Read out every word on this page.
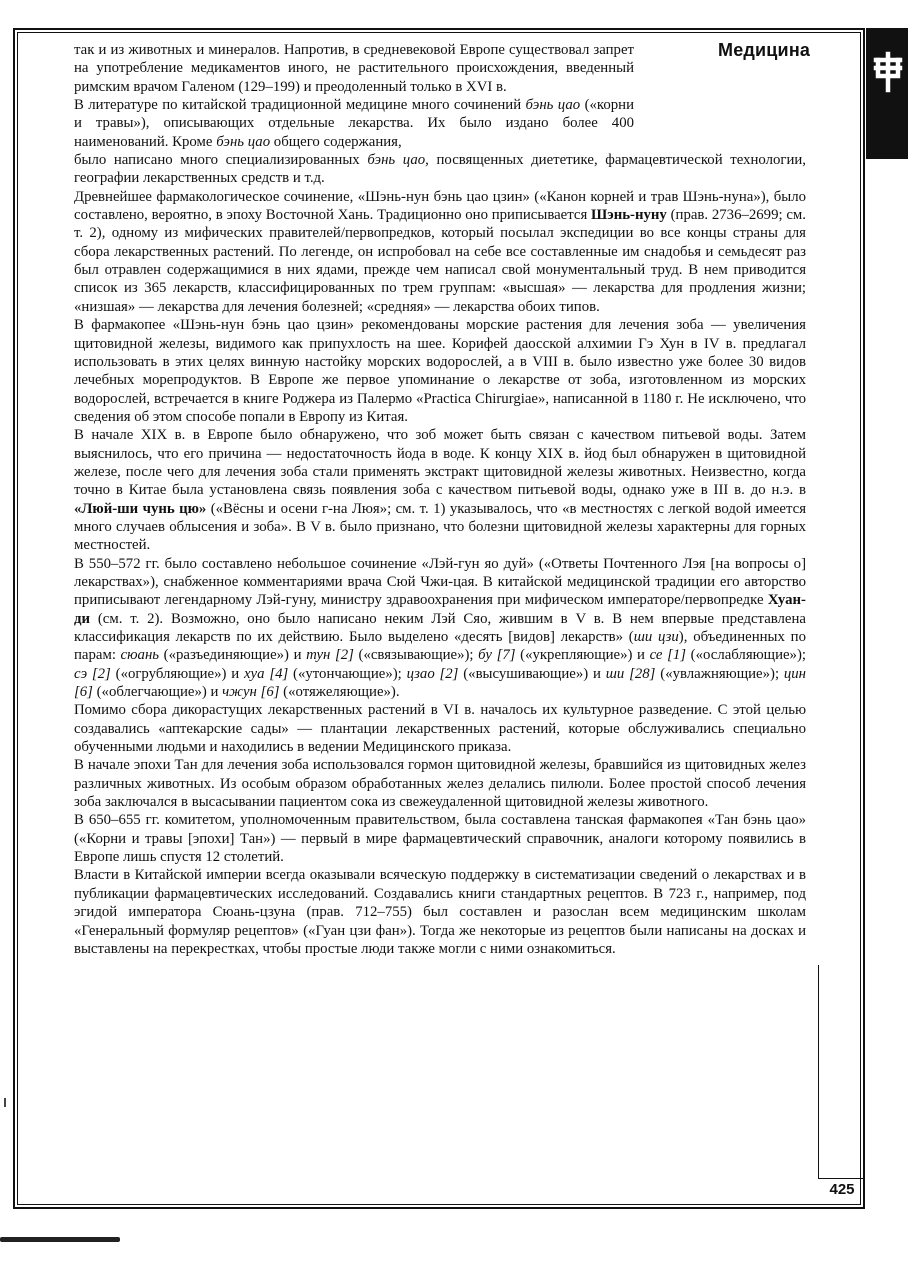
Медицина

так и из животных и минералов. Напротив, в средневековой Европе существовал запрет на употребление медикаментов иного, не растительного происхождения, введенный римским врачом Галеном (129–199) и преодоленный только в XVI в.

В литературе по китайской традиционной медицине много сочинений бэнь цао («корни и травы»), описывающих отдельные лекарства. Их было издано более 400 наименований. Кроме бэнь цао общего содержания,

было написано много специализированных бэнь цао, посвященных диететике, фармацевтической технологии, географии лекарственных средств и т.д.

Древнейшее фармакологическое сочинение, «Шэнь-нун бэнь цао цзин» («Канон корней и трав Шэнь-нуна»), было составлено, вероятно, в эпоху Восточной Хань. Традиционно оно приписывается Шэнь-нуну (прав. 2736–2699; см. т. 2), одному из мифических правителей/первопредков, который посылал экспедиции во все концы страны для сбора лекарственных растений. По легенде, он испробовал на себе все составленные им снадобья и семьдесят раз был отравлен содержащимися в них ядами, прежде чем написал свой монументальный труд. В нем приводится список из 365 лекарств, классифицированных по трем группам: «высшая» — лекарства для продления жизни; «низшая» — лекарства для лечения болезней; «средняя» — лекарства обоих типов.

В фармакопее «Шэнь-нун бэнь цао цзин» рекомендованы морские растения для лечения зоба — увеличения щитовидной железы, видимого как припухлость на шее. Корифей даосской алхимии Гэ Хун в IV в. предлагал использовать в этих целях винную настойку морских водорослей, а в VIII в. было известно уже более 30 видов лечебных морепродуктов. В Европе же первое упоминание о лекарстве от зоба, изготовленном из морских водорослей, встречается в книге Роджера из Палермо «Practica Chirurgiae», написанной в 1180 г. Не исключено, что сведения об этом способе попали в Европу из Китая.

В начале XIX в. в Европе было обнаружено, что зоб может быть связан с качеством питьевой воды. Затем выяснилось, что его причина — недостаточность йода в воде. К концу XIX в. йод был обнаружен в щитовидной железе, после чего для лечения зоба стали применять экстракт щитовидной железы животных. Неизвестно, когда точно в Китае была установлена связь появления зоба с качеством питьевой воды, однако уже в III в. до н.э. в «Люй-ши чунь цю» («Вёсны и осени г-на Люя»; см. т. 1) указывалось, что «в местностях с легкой водой имеется много случаев облысения и зоба». В V в. было признано, что болезни щитовидной железы характерны для горных местностей.

В 550–572 гг. было составлено небольшое сочинение «Лэй-гун яо дуй» («Ответы Почтенного Лэя [на вопросы о] лекарствах»), снабженное комментариями врача Сюй Чжи-цая. В китайской медицинской традиции его авторство приписывают легендарному Лэй-гуну, министру здравоохранения при мифическом императоре/первопредке Хуан-ди (см. т. 2). Возможно, оно было написано неким Лэй Сяо, жившим в V в. В нем впервые представлена классификация лекарств по их действию. Было выделено «десять [видов] лекарств» (ши цзи), объединенных по парам: сюань («разъединяющие») и тун [2] («связывающие»); бу [7] («укрепляющие») и се [1] («ослабляющие»); сэ [2] («огрубляющие») и хуа [4] («утончающие»); цзао [2] («высушивающие») и ши [28] («увлажняющие»); цин [6] («облегчающие») и чжун [6] («отяжеляющие»).

Помимо сбора дикорастущих лекарственных растений в VI в. началось их культурное разведение. С этой целью создавались «аптекарские сады» — плантации лекарственных растений, которые обслуживались специально обученными людьми и находились в ведении Медицинского приказа.

В начале эпохи Тан для лечения зоба использовался гормон щитовидной железы, бравшийся из щитовидных желез различных животных. Из особым образом обработанных желез делались пилюли. Более простой способ лечения зоба заключался в высасывании пациентом сока из свежеудаленной щитовидной железы животного.

В 650–655 гг. комитетом, уполномоченным правительством, была составлена танская фармакопея «Тан бэнь цао» («Корни и травы [эпохи] Тан») — первый в мире фармацевтический справочник, аналоги которому появились в Европе лишь спустя 12 столетий.

Власти в Китайской империи всегда оказывали всяческую поддержку в систематизации сведений о лекарствах и в публикации фармацевтических исследований. Создавались книги стандартных рецептов. В 723 г., например, под эгидой императора Сюань-цзуна (прав. 712–755) был составлен и разослан всем медицинским школам «Генеральный формуляр рецептов» («Гуан цзи фан»). Тогда же некоторые из рецептов были написаны на досках и выставлены на перекрестках, чтобы простые люди также могли с ними ознакомиться.

425
